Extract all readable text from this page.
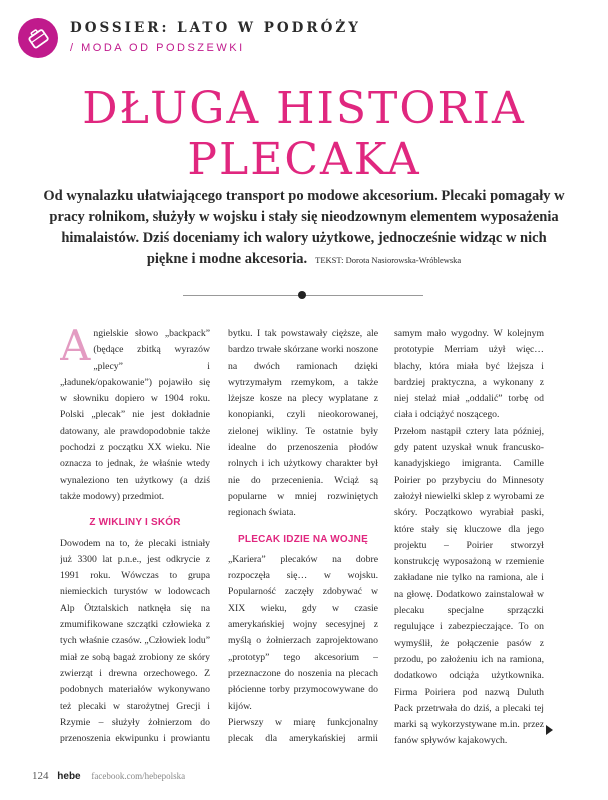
DOSSIER: LATO W PODRÓŻY
/ MODA OD PODSZEWKI
DŁUGA HISTORIA
PLECAKA
Od wynalazku ułatwiającego transport po modowe akcesorium. Plecaki pomagały w pracy rolnikom, służyły w wojsku i stały się nieodzownym elementem wyposażenia himalaistów. Dziś doceniamy ich walory użytkowe, jednocześnie widząc w nich piękne i modne akcesoria. TEKST: Dorota Nasiorowska-Wróblewska

Angielskie słowo „backpack” (będące zbitką wyrazów „plecy” i „ładunek/opakowanie”) pojawiło się w słowniku dopiero w 1904 roku. Polski „plecak” nie jest dokładnie datowany, ale prawdopodobnie także pochodzi z początku XX wieku. Nie oznacza to jednak, że właśnie wtedy wynaleziono ten użytkowy (a dziś także modowy) przedmiot.

Z WIKLINY I SKÓR

Dowodem na to, że plecaki istniały już 3300 lat p.n.e., jest odkrycie z 1991 roku. Wówczas to grupa niemieckich turystów w lodowcach Alp Ötztalskich natknęła się na zmumifikowane szczątki człowieka z tych właśnie czasów. „Człowiek lodu” miał ze sobą bagaż zrobiony ze skóry zwierząt i drewna orzechowego. Z podobnych materiałów wykonywano też plecaki w starożytnej Grecji i Rzymie – służyły żołnierzom do przenoszenia ekwipunku i prowiantu

bytku. I tak powstawały cięższe, ale bardzo trwałe skórzane worki noszone na dwóch ramionach dzięki wytrzymałym rzemykom, a także lżejsze kosze na plecy wyplatane z konopianki, czyli nieokorowanej, zielonej wikliny. Te ostatnie były idealne do przenoszenia płodów rolnych i ich użytkowy charakter był nie do przecenienia. Wciąż są popularne w mniej rozwiniętych regionach świata.

PLECAK IDZIE NA WOJNĘ

„Kariera” plecaków na dobre rozpoczęła się… w wojsku. Popularność zaczęły zdobywać w XIX wieku, gdy w czasie amerykańskiej wojny secesyjnej z myślą o żołnierzach zaprojektowano „prototyp” tego akcesorium – przeznaczone do noszenia na plecach płócienne torby przymocowywane do kijów.

Pierwszy w miarę funkcjonalny plecak dla amerykańskiej armii

samym mało wygodny. W kolejnym prototypie Merriam użył więc… blachy, która miała być lżejsza i bardziej praktyczna, a wykonany z niej stelaż miał „oddalić” torbę od ciała i odciążyć noszącego.

Przełom nastąpił cztery lata później, gdy patent uzyskał wnuk francusko-kanadyjskiego imigranta. Camille Poirier po przybyciu do Minnesoty założył niewielki sklep z wyrobami ze skóry. Początkowo wyrabiał paski, które stały się kluczowe dla jego projektu – Poirier stworzył konstrukcję wyposażoną w rzemienie zakładane nie tylko na ramiona, ale i na głowę. Dodatkowo zainstalował w plecaku specjalne sprzączki regulujące i zabezpieczające. To on wymyślił, że połączenie pasów z przodu, po założeniu ich na ramiona, dodatkowo odciąża użytkownika. Firma Poiriera pod nazwą Duluth Pack przetrwała do dziś, a plecaki tej marki są wykorzystywane m.in. przez fanów spływów kajakowych.

124 hebe facebook.com/hebepolska
